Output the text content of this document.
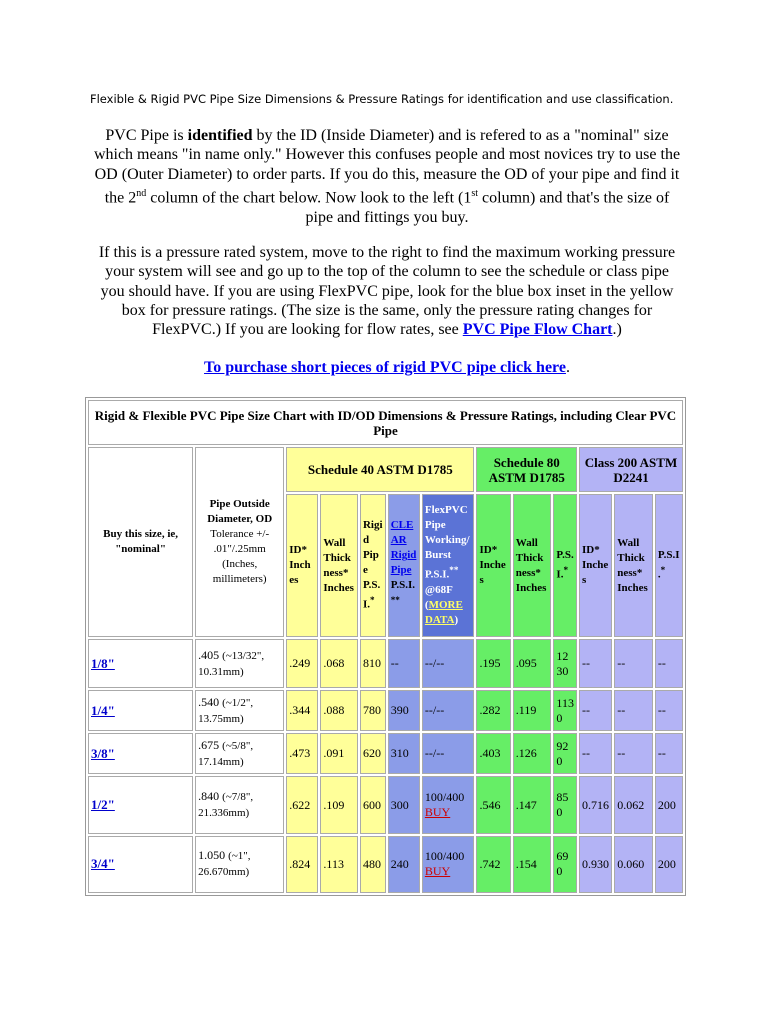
Flexible & Rigid PVC Pipe Size Dimensions & Pressure Ratings for identification and use classification.
PVC Pipe is identified by the ID (Inside Diameter) and is refered to as a "nominal" size which means "in name only." However this confuses people and most novices try to use the OD (Outer Diameter) to order parts. If you do this, measure the OD of your pipe and find it the 2nd column of the chart below. Now look to the left (1st column) and that's the size of pipe and fittings you buy.
If this is a pressure rated system, move to the right to find the maximum working pressure your system will see and go up to the top of the column to see the schedule or class pipe you should have. If you are using FlexPVC pipe, look for the blue box inset in the yellow box for pressure ratings. (The size is the same, only the pressure rating changes for FlexPVC.) If you are looking for flow rates, see PVC Pipe Flow Chart.)
To purchase short pieces of rigid PVC pipe click here.
Rigid & Flexible PVC Pipe Size Chart with ID/OD Dimensions & Pressure Ratings, including Clear PVC Pipe												
Buy this size, ie, "nominal"	Pipe Outside Diameter, OD
Tolerance +/- .01"/.25mm (Inches, millimeters)	Schedule 40 ASTM D1785					Schedule 80 ASTM D1785			Class 200 ASTM D2241		
		ID* Inches	Wall Thickness* Inches	Rigid Pipe P.S.I.*	CLEAR Rigid Pipe P.S.I.**	FlexPVC Pipe Working/Burst P.S.I.** @68F (MORE DATA)	ID* Inches	Wall Thickness* Inches	P.S.I.*	ID* Inches	Wall Thickness* Inches	P.S.I.*
1/8"	.405 (~13/32", 10.31mm)	.249	.068	810	--	--/--	.195	.095	1230	--	--	--
1/4"	.540 (~1/2", 13.75mm)	.344	.088	780	390	--/--	.282	.119	1130	--	--	--
3/8"	.675 (~5/8", 17.14mm)	.473	.091	620	310	--/--	.403	.126	920	--	--	--
1/2"	.840 (~7/8", 21.336mm)	.622	.109	600	300	100/400 BUY	.546	.147	850	0.716	0.062	200
3/4"	1.050 (~1", 26.670mm)	.824	.113	480	240	100/400 BUY	.742	.154	690	0.930	0.060	200
